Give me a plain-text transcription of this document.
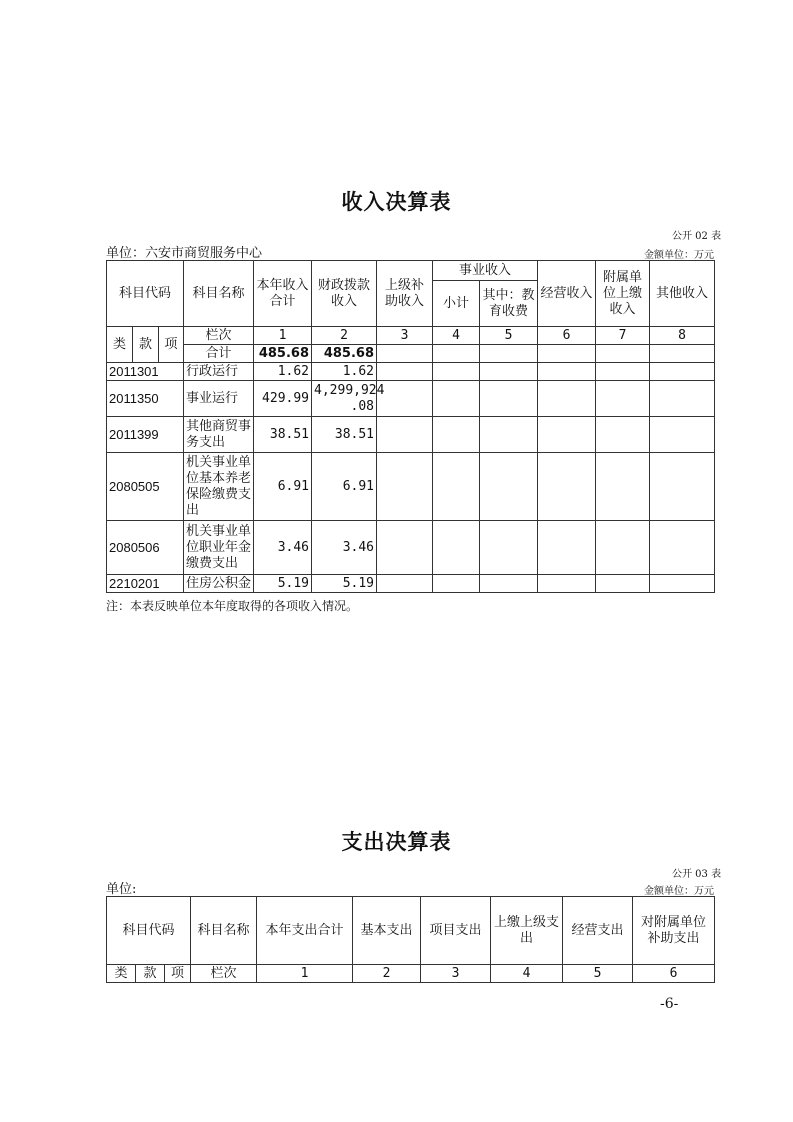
收入决算表
公开 02 表
单位：六安市商贸服务中心	金额单位：万元
科目代码			科目名称	本年收入合计	财政拨款收入	上级补助收入	事业收入		经营收入	附属单位上缴收入	其他收入
							小计	其中：教育收费			
类	款	项	栏次	1	2	3	4	5	6	7	8
			合计	485.68	485.68						
2011301			行政运行	1.62	1.62						
2011350			事业运行	429.99	4,299,924
.08						

2011399			其他商贸事务支出	38.51	38.51						
2080505			机关事业单位基本养老保险缴费支出	6.91	6.91						
2080506			机关事业单位职业年金缴费支出	3.46	3.46						
2210201			住房公积金	5.19	5.19						
注：本表反映单位本年度取得的各项收入情况。
支出决算表
公开 03 表
单位:	金额单位：万元
科目代码			科目名称	本年支出合计	基本支出	项目支出	上缴上级支出	经营支出	对附属单位补助支出
类	款	项	栏次	1	2	3	4	5	6
-6-
